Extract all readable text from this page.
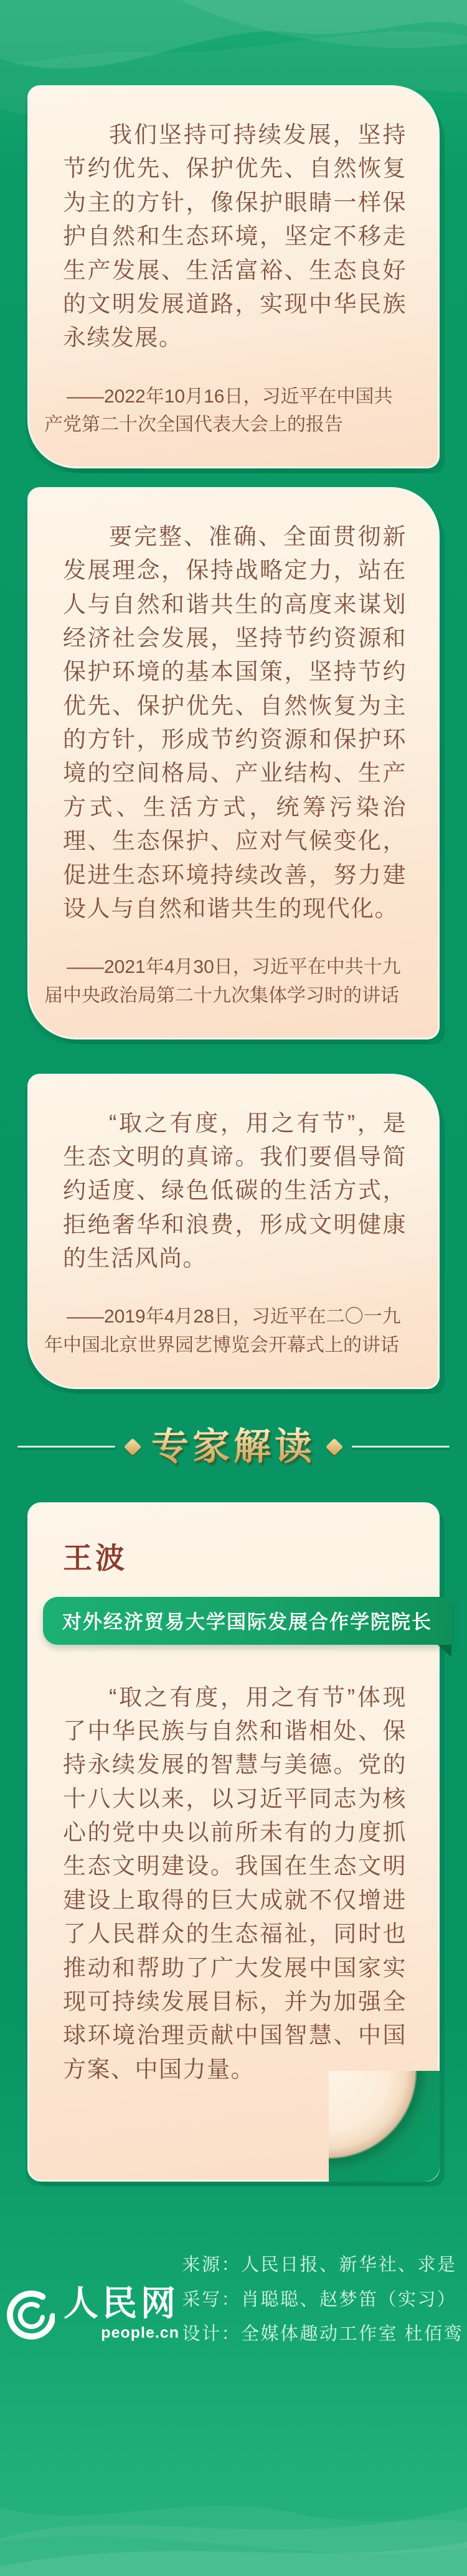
我们坚持可持续发展，坚持节约优先、保护优先、自然恢复为主的方针，像保护眼睛一样保护自然和生态环境，坚定不移走生产发展、生活富裕、生态良好的文明发展道路，实现中华民族永续发展。

——2022年10月16日，习近平在中国共产党第二十次全国代表大会上的报告

要完整、准确、全面贯彻新发展理念，保持战略定力，站在人与自然和谐共生的高度来谋划经济社会发展，坚持节约资源和保护环境的基本国策，坚持节约优先、保护优先、自然恢复为主的方针，形成节约资源和保护环境的空间格局、产业结构、生产方式、生活方式，统筹污染治理、生态保护、应对气候变化，促进生态环境持续改善，努力建设人与自然和谐共生的现代化。

——2021年4月30日，习近平在中共十九届中央政治局第二十九次集体学习时的讲话

“取之有度，用之有节”，是生态文明的真谛。我们要倡导简约适度、绿色低碳的生活方式，拒绝奢华和浪费，形成文明健康的生活风尚。

——2019年4月28日，习近平在二〇一九年中国北京世界园艺博览会开幕式上的讲话

专家解读
王波
对外经济贸易大学国际发展合作学院院长

“取之有度，用之有节”体现了中华民族与自然和谐相处、保持永续发展的智慧与美德。党的十八大以来，以习近平同志为核心的党中央以前所未有的力度抓生态文明建设。我国在生态文明建设上取得的巨大成就不仅增进了人民群众的生态福祉，同时也推动和帮助了广大发展中国家实现可持续发展目标，并为加强全球环境治理贡献中国智慧、中国方案、中国力量。

人民网
people.cn

来源：人民日报、新华社、求是
采写：肖聪聪、赵梦笛（实习）
设计：全媒体趣动工作室 杜佰鸾
